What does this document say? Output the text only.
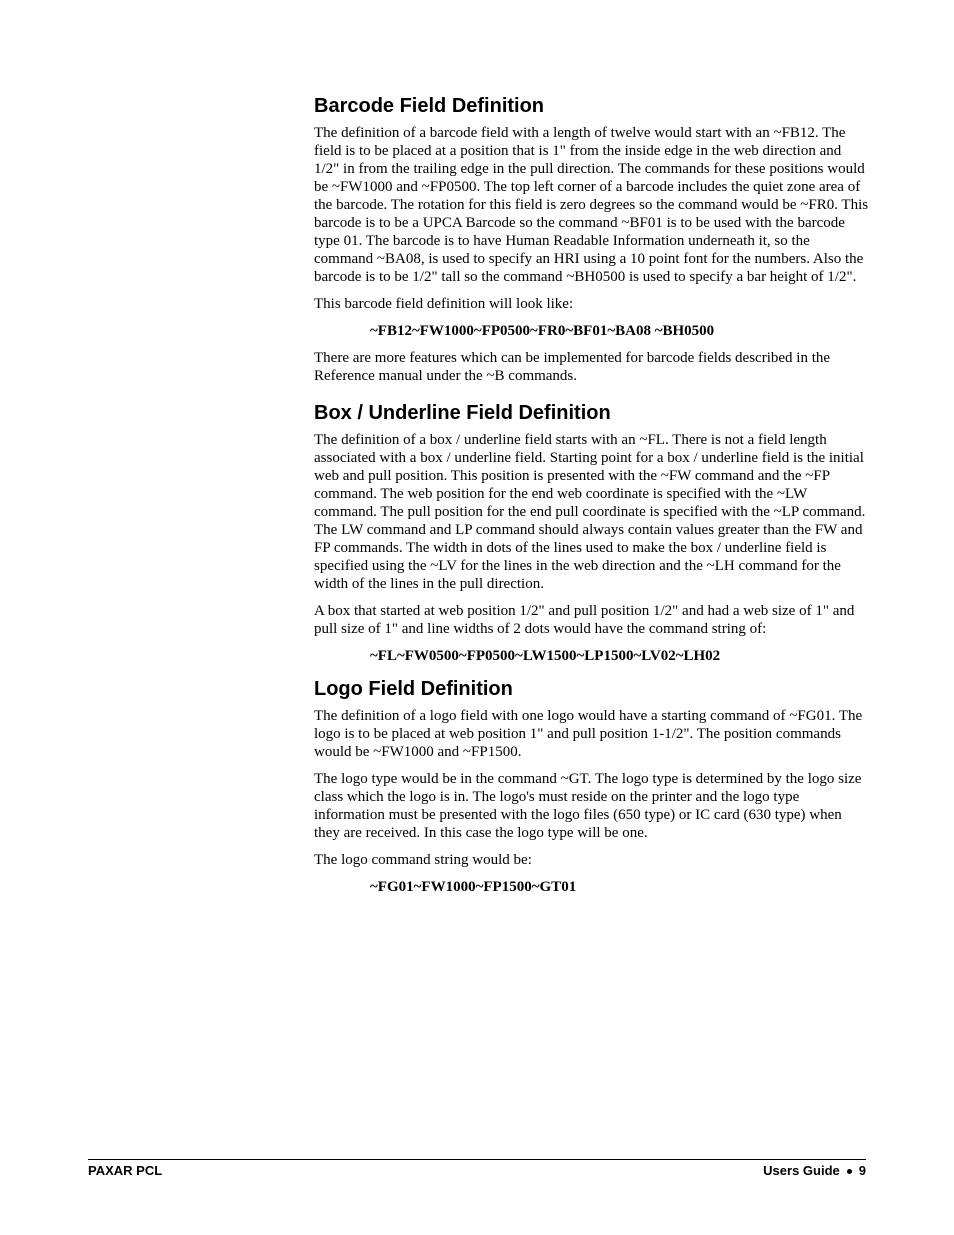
Barcode Field Definition

The definition of a barcode field with a length of twelve would start with an ~FB12. The field is to be placed at a position that is 1" from the inside edge in the web direction and 1/2" in from the trailing edge in the pull direction. The commands for these positions would be ~FW1000 and ~FP0500. The top left corner of a barcode includes the quiet zone area of the barcode. The rotation for this field is zero degrees so the command would be ~FR0. This barcode is to be a UPCA Barcode so the command ~BF01 is to be used with the barcode type 01. The barcode is to have Human Readable Information underneath it, so the command ~BA08, is used to specify an HRI using a 10 point font for the numbers. Also the barcode is to be 1/2" tall so the command ~BH0500 is used to specify a bar height of 1/2".

This barcode field definition will look like:

~FB12~FW1000~FP0500~FR0~BF01~BA08 ~BH0500

There are more features which can be implemented for barcode fields described in the Reference manual under the ~B commands.

Box / Underline Field Definition

The definition of a box / underline field starts with an ~FL. There is not a field length associated with a box / underline field. Starting point for a box / underline field is the initial web and pull position. This position is presented with the ~FW command and the ~FP command. The web position for the end web coordinate is specified with the ~LW command. The pull position for the end pull coordinate is specified with the ~LP command. The LW command and LP command should always contain values greater than the FW and FP commands. The width in dots of the lines used to make the box / underline field is specified using the ~LV for the lines in the web direction and the ~LH command for the width of the lines in the pull direction.

A box that started at web position 1/2" and pull position 1/2" and had a web size of 1" and pull size of 1" and line widths of 2 dots would have the command string of:

~FL~FW0500~FP0500~LW1500~LP1500~LV02~LH02

Logo Field Definition

The definition of a logo field with one logo would have a starting command of ~FG01. The logo is to be placed at web position 1" and pull position 1-1/2". The position commands would be ~FW1000 and ~FP1500.

The logo type would be in the command ~GT. The logo type is determined by the logo size class which the logo is in. The logo's must reside on the printer and the logo type information must be presented with the logo files (650 type) or IC card (630 type) when they are received. In this case the logo type will be one.

The logo command string would be:

~FG01~FW1000~FP1500~GT01

PAXAR PCL	Users Guide 9
